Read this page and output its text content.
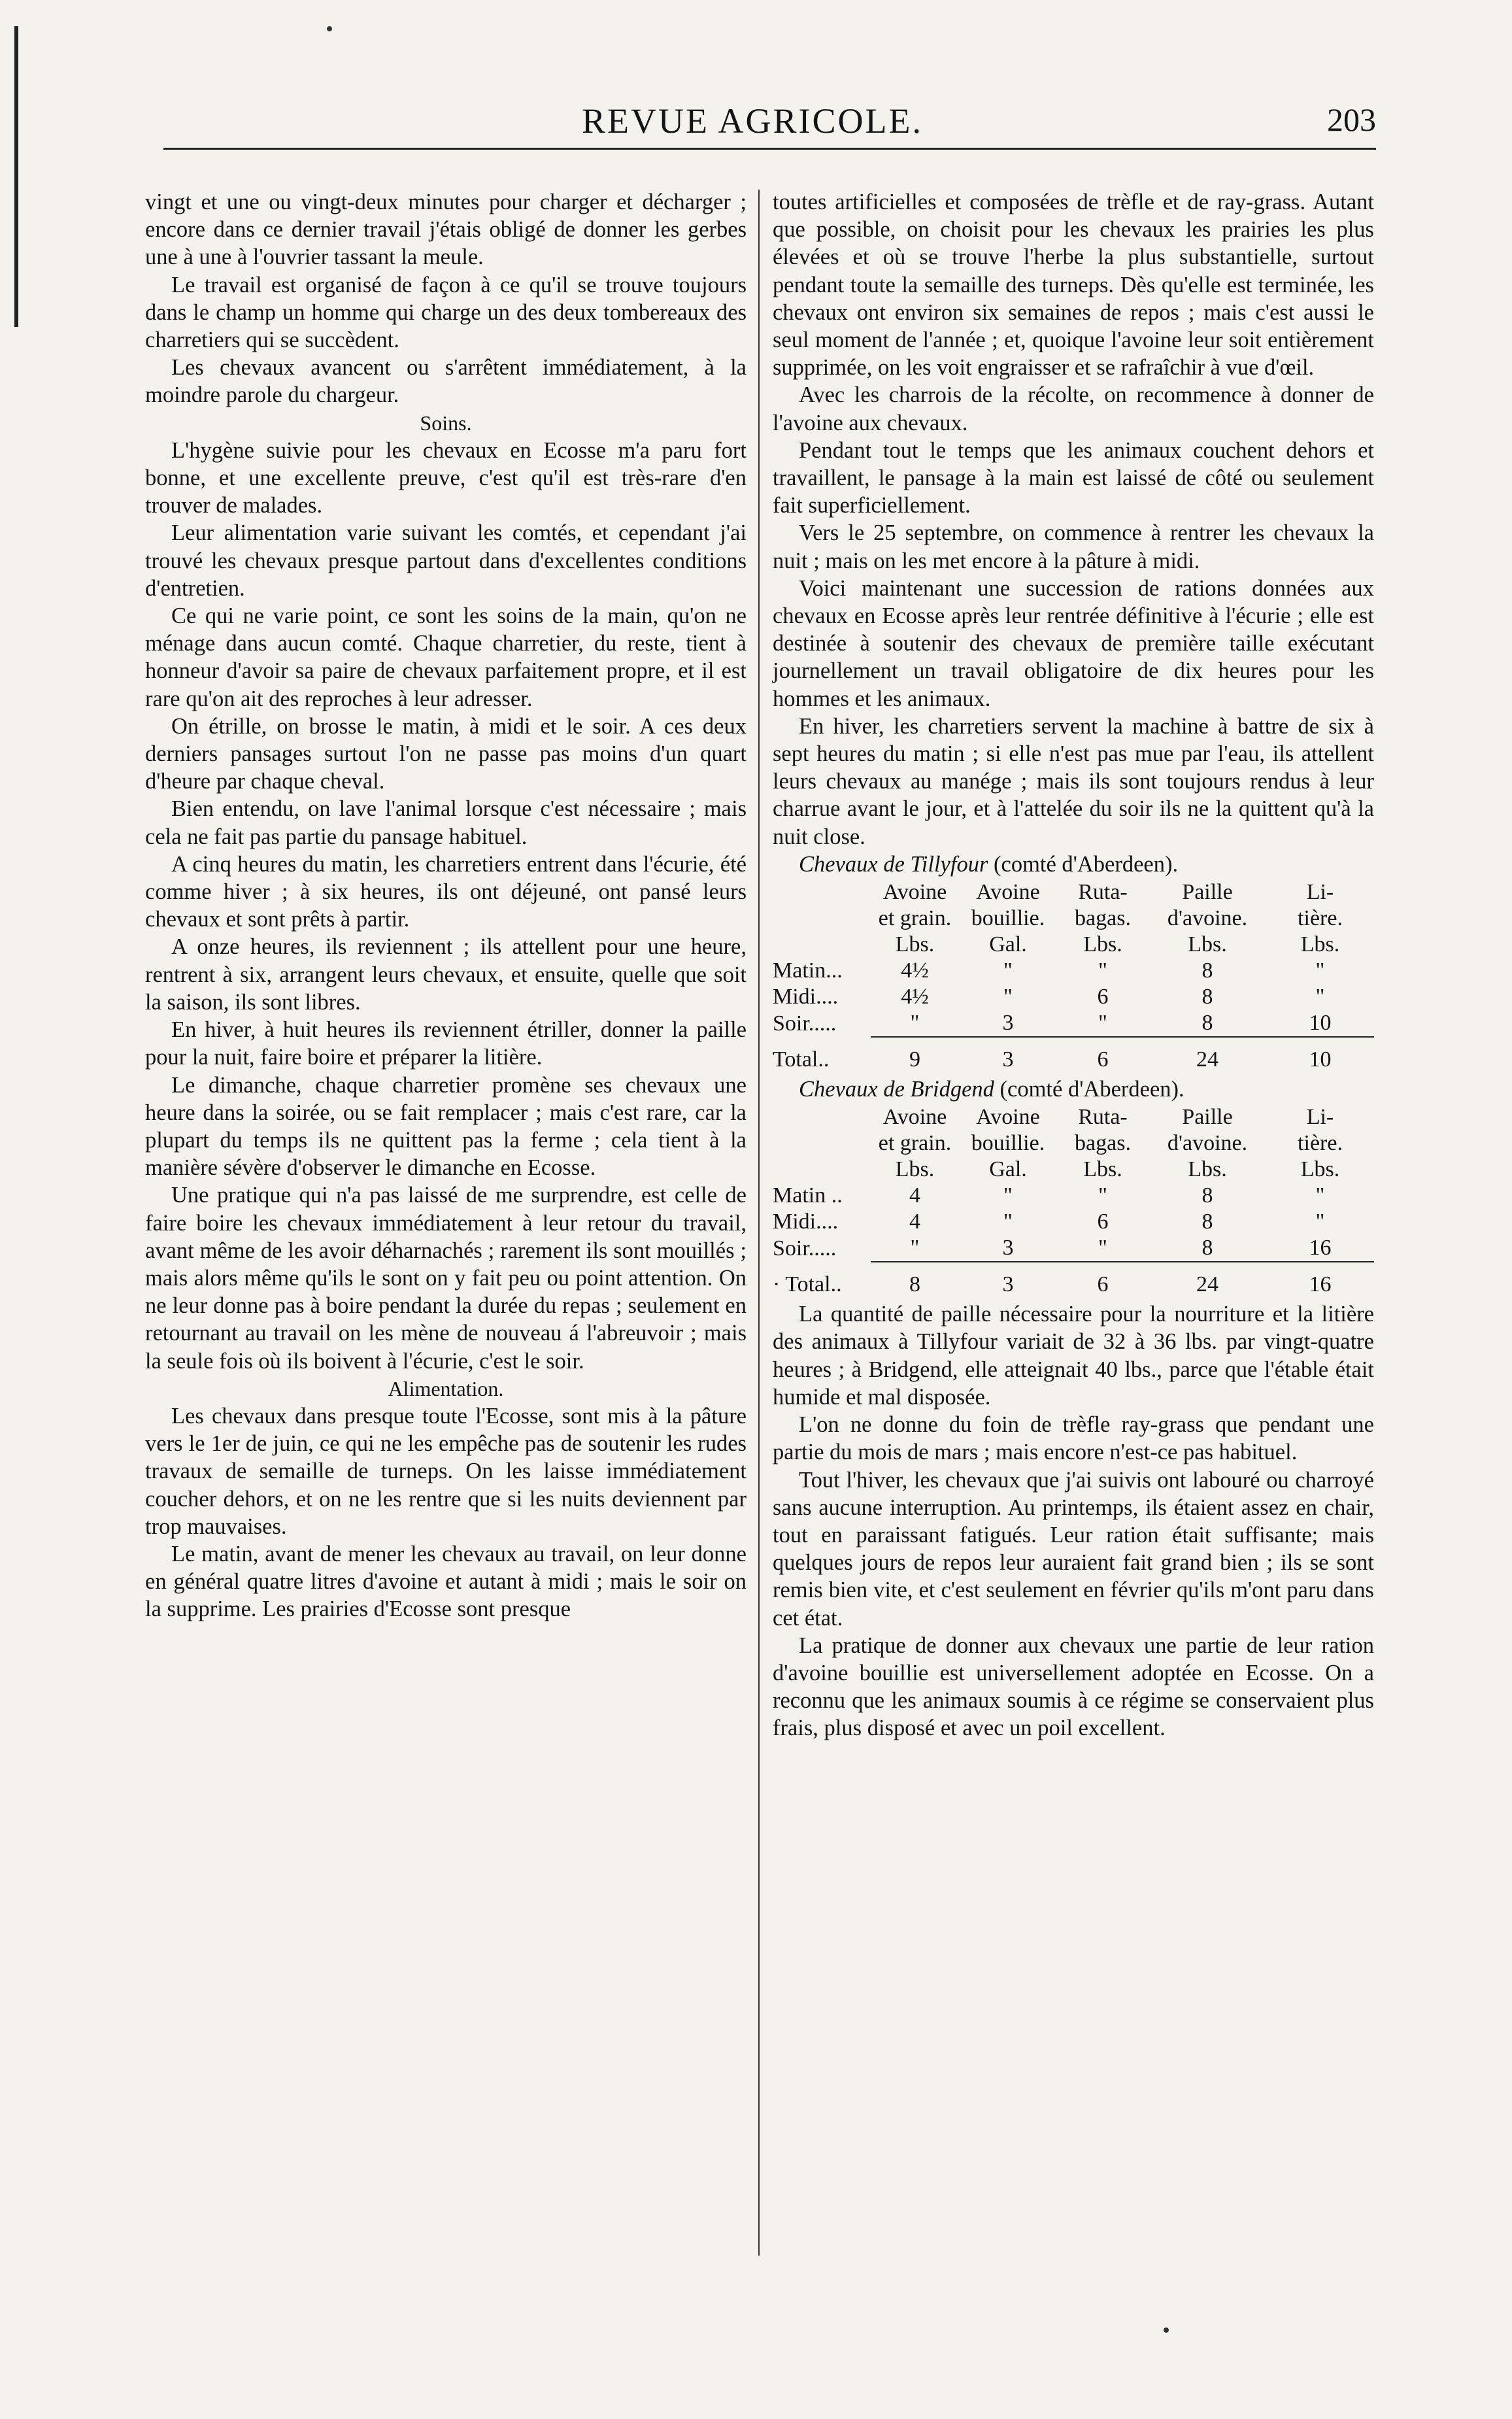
REVUE AGRICOLE.	203

vingt et une ou vingt-deux minutes pour charger et décharger ; encore dans ce dernier travail j'étais obligé de donner les gerbes une à une à l'ouvrier tassant la meule.

Le travail est organisé de façon à ce qu'il se trouve toujours dans le champ un homme qui charge un des deux tombereaux des charretiers qui se succèdent.

Les chevaux avancent ou s'arrêtent immédiatement, à la moindre parole du chargeur.

Soins.

L'hygène suivie pour les chevaux en Ecosse m'a paru fort bonne, et une excellente preuve, c'est qu'il est très-rare d'en trouver de malades.

Leur alimentation varie suivant les comtés, et cependant j'ai trouvé les chevaux presque partout dans d'excellentes conditions d'entretien.

Ce qui ne varie point, ce sont les soins de la main, qu'on ne ménage dans aucun comté. Chaque charretier, du reste, tient à honneur d'avoir sa paire de chevaux parfaitement propre, et il est rare qu'on ait des reproches à leur adresser.

On étrille, on brosse le matin, à midi et le soir. A ces deux derniers pansages surtout l'on ne passe pas moins d'un quart d'heure par chaque cheval.

Bien entendu, on lave l'animal lorsque c'est nécessaire ; mais cela ne fait pas partie du pansage habituel.

A cinq heures du matin, les charretiers entrent dans l'écurie, été comme hiver ; à six heures, ils ont déjeuné, ont pansé leurs chevaux et sont prêts à partir.

A onze heures, ils reviennent ; ils attellent pour une heure, rentrent à six, arrangent leurs chevaux, et ensuite, quelle que soit la saison, ils sont libres.

En hiver, à huit heures ils reviennent étriller, donner la paille pour la nuit, faire boire et préparer la litière.

Le dimanche, chaque charretier promène ses chevaux une heure dans la soirée, ou se fait remplacer ; mais c'est rare, car la plupart du temps ils ne quittent pas la ferme ; cela tient à la manière sévère d'observer le dimanche en Ecosse.

Une pratique qui n'a pas laissé de me surprendre, est celle de faire boire les chevaux immédiatement à leur retour du travail, avant même de les avoir déharnachés ; rarement ils sont mouillés ; mais alors même qu'ils le sont on y fait peu ou point attention. On ne leur donne pas à boire pendant la durée du repas ; seulement en retournant au travail on les mène de nouveau á l'abreuvoir ; mais la seule fois où ils boivent à l'écurie, c'est le soir.

Alimentation.

Les chevaux dans presque toute l'Ecosse, sont mis à la pâture vers le 1er de juin, ce qui ne les empêche pas de soutenir les rudes travaux de semaille de turneps. On les laisse immédiatement coucher dehors, et on ne les rentre que si les nuits deviennent par trop mauvaises.

Le matin, avant de mener les chevaux au travail, on leur donne en général quatre litres d'avoine et autant à midi ; mais le soir on la supprime. Les prairies d'Ecosse sont presque

toutes artificielles et composées de trèfle et de ray-grass. Autant que possible, on choisit pour les chevaux les prairies les plus élevées et où se trouve l'herbe la plus substantielle, surtout pendant toute la semaille des turneps. Dès qu'elle est terminée, les chevaux ont environ six semaines de repos ; mais c'est aussi le seul moment de l'année ; et, quoique l'avoine leur soit entièrement supprimée, on les voit engraisser et se rafraîchir à vue d'œil.

Avec les charrois de la récolte, on recommence à donner de l'avoine aux chevaux.

Pendant tout le temps que les animaux couchent dehors et travaillent, le pansage à la main est laissé de côté ou seulement fait superficiellement.

Vers le 25 septembre, on commence à rentrer les chevaux la nuit ; mais on les met encore à la pâture à midi.

Voici maintenant une succession de rations données aux chevaux en Ecosse après leur rentrée définitive à l'écurie ; elle est destinée à soutenir des chevaux de première taille exécutant journellement un travail obligatoire de dix heures pour les hommes et les animaux.

En hiver, les charretiers servent la machine à battre de six à sept heures du matin ; si elle n'est pas mue par l'eau, ils attellent leurs chevaux au manége ; mais ils sont toujours rendus à leur charrue avant le jour, et à l'attelée du soir ils ne la quittent qu'à la nuit close.

Chevaux de Tillyfour (comté d'Aberdeen).

	Avoine	Avoine	Ruta-	Paille	Li-
	et grain.	bouillie.	bagas.	d'avoine.	tière.
	Lbs.	Gal.	Lbs.	Lbs.	Lbs.
Matin...	4½	"	"	8	"
Midi....	4½	"	6	8	"
Soir.....	"	3	"	8	10

Total..	9	3	6	24	10

Chevaux de Bridgend (comté d'Aberdeen).

	Avoine	Avoine	Ruta-	Paille	Li-
	et grain.	bouillie.	bagas.	d'avoine.	tière.
	Lbs.	Gal.	Lbs.	Lbs.	Lbs.
Matin ..	4	"	"	8	"
Midi....	4	"	6	8	"
Soir.....	"	3	"	8	16

· Total..	8	3	6	24	16

La quantité de paille nécessaire pour la nourriture et la litière des animaux à Tillyfour variait de 32 à 36 lbs. par vingt-quatre heures ; à Bridgend, elle atteignait 40 lbs., parce que l'étable était humide et mal disposée.

L'on ne donne du foin de trèfle ray-grass que pendant une partie du mois de mars ; mais encore n'est-ce pas habituel.

Tout l'hiver, les chevaux que j'ai suivis ont labouré ou charroyé sans aucune interruption. Au printemps, ils étaient assez en chair, tout en paraissant fatigués. Leur ration était suffisante; mais quelques jours de repos leur auraient fait grand bien ; ils se sont remis bien vite, et c'est seulement en février qu'ils m'ont paru dans cet état.

La pratique de donner aux chevaux une partie de leur ration d'avoine bouillie est universellement adoptée en Ecosse. On a reconnu que les animaux soumis à ce régime se conservaient plus frais, plus disposé et avec un poil excellent.
